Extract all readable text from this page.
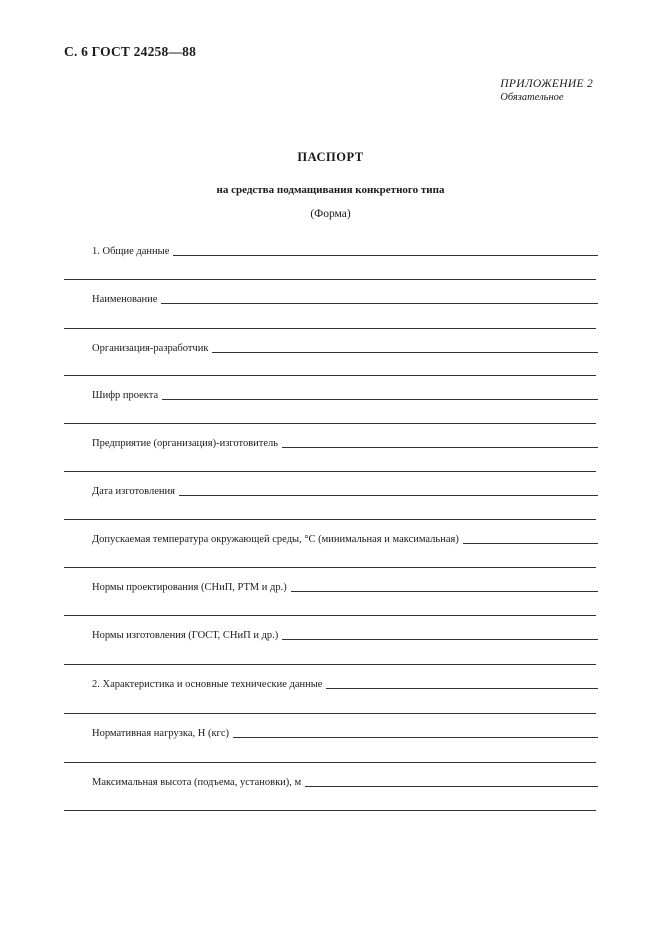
С. 6 ГОСТ 24258—88
ПРИЛОЖЕНИЕ 2
Обязательное
ПАСПОРТ
на средства подмащивания конкретного типа
(Форма)
1. Общие данные
Наименование
Организация-разработчик
Шифр проекта
Предприятие (организация)-изготовитель
Дата изготовления
Допускаемая температура окружающей среды, °С (минимальная и максимальная)
Нормы проектирования (СНиП, РТМ и др.)
Нормы изготовления (ГОСТ, СНиП и др.)
2. Характеристика и основные технические данные
Нормативная нагрузка, Н (кгс)
Максимальная высота (подъема, установки), м
